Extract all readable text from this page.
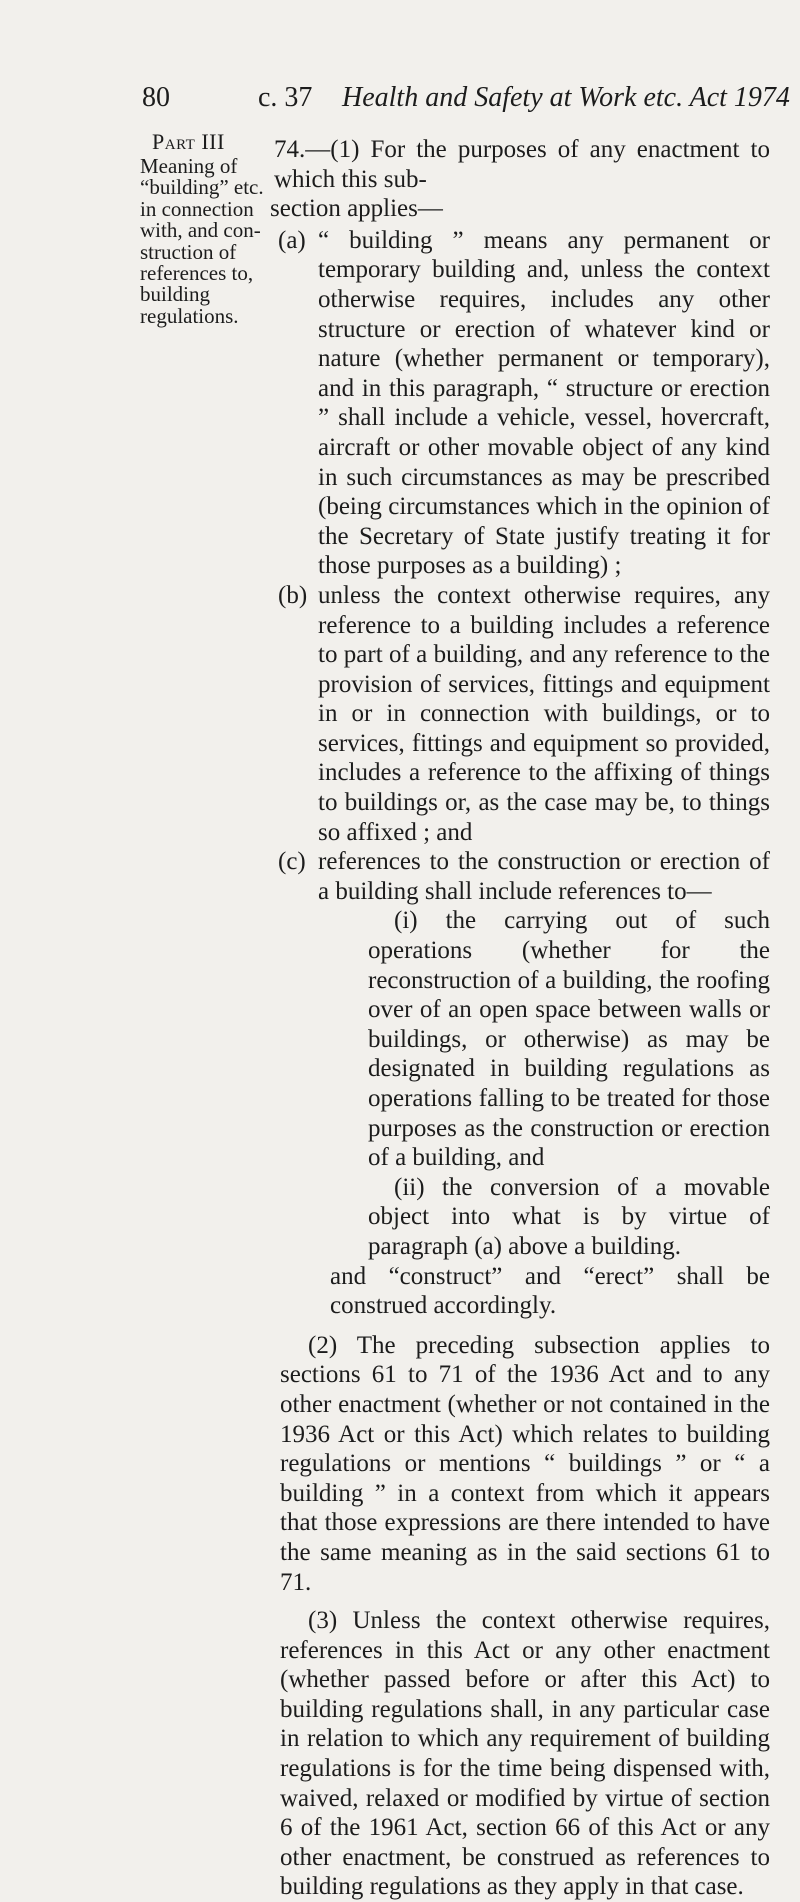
80	c. 37 Health and Safety at Work etc. Act 1974
Part III
Meaning of
“building” etc.
in connection
with, and con-
struction of
references to,
building
regulations.

74.—(1) For the purposes of any enactment to which this sub-

section applies—

(a) “ building ” means any permanent or temporary building and, unless the context otherwise requires, includes any other structure or erection of whatever kind or nature (whether permanent or temporary), and in this paragraph, “ structure or erection ” shall include a vehicle, vessel, hovercraft, aircraft or other movable object of any kind in such circumstances as may be prescribed (being circumstances which in the opinion of the Secretary of State justify treating it for those purposes as a building) ;
(b) unless the context otherwise requires, any reference to a building includes a reference to part of a building, and any reference to the provision of services, fittings and equipment in or in connection with buildings, or to services, fittings and equipment so provided, includes a reference to the affixing of things to buildings or, as the case may be, to things so affixed ; and
(c) references to the construction or erection of a building shall include references to—

(i) the carrying out of such operations (whether for the reconstruction of a building, the roofing over of an open space between walls or buildings, or otherwise) as may be designated in building regulations as operations falling to be treated for those purposes as the construction or erection of a building, and

(ii) the conversion of a movable object into what is by virtue of paragraph (a) above a building.

and “construct” and “erect” shall be construed accordingly.

(2) The preceding subsection applies to sections 61 to 71 of the 1936 Act and to any other enactment (whether or not contained in the 1936 Act or this Act) which relates to building regulations or mentions “ buildings ” or “ a building ” in a context from which it appears that those expressions are there intended to have the same meaning as in the said sections 61 to 71.

(3) Unless the context otherwise requires, references in this Act or any other enactment (whether passed before or after this Act) to building regulations shall, in any particular case in relation to which any requirement of building regulations is for the time being dispensed with, waived, relaxed or modified by virtue of section 6 of the 1961 Act, section 66 of this Act or any other enactment, be construed as references to building regulations as they apply in that case.
